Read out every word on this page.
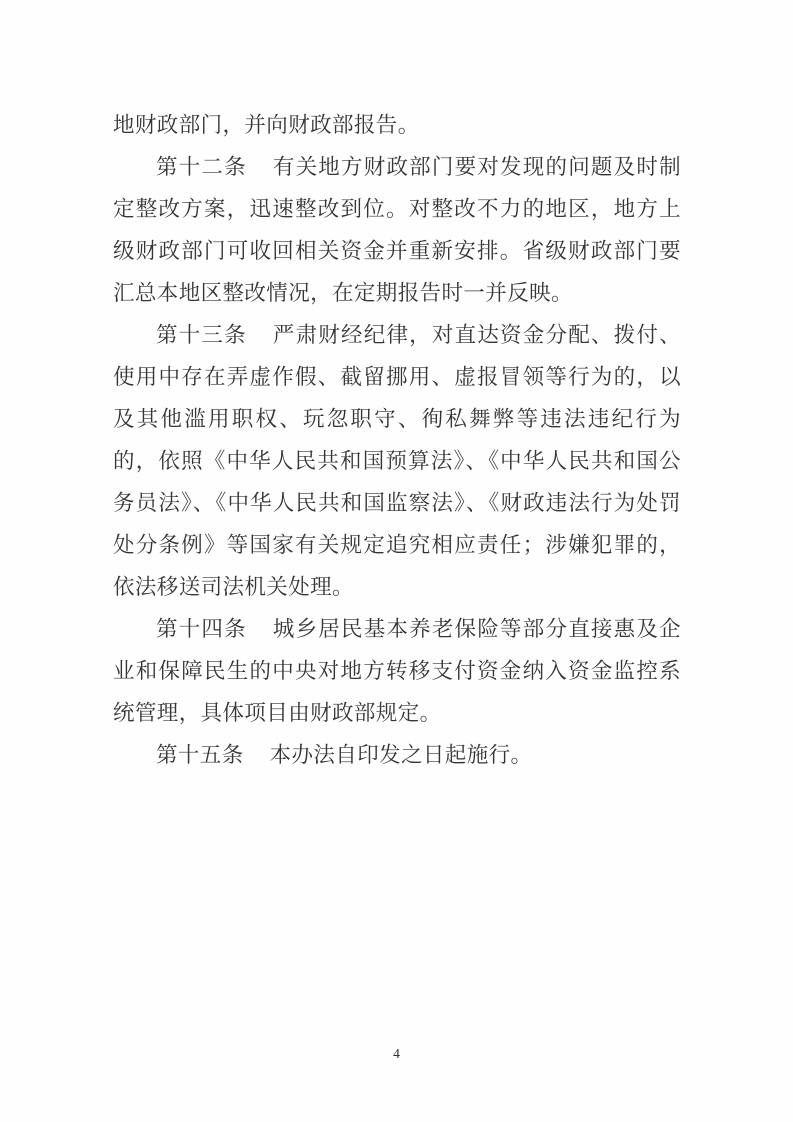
地财政部门，并向财政部报告。

第十二条 有关地方财政部门要对发现的问题及时制定整改方案，迅速整改到位。对整改不力的地区，地方上级财政部门可收回相关资金并重新安排。省级财政部门要汇总本地区整改情况，在定期报告时一并反映。

第十三条 严肃财经纪律，对直达资金分配、拨付、使用中存在弄虚作假、截留挪用、虚报冒领等行为的，以及其他滥用职权、玩忽职守、徇私舞弊等违法违纪行为的，依照《中华人民共和国预算法》、《中华人民共和国公务员法》、《中华人民共和国监察法》、《财政违法行为处罚处分条例》等国家有关规定追究相应责任；涉嫌犯罪的，依法移送司法机关处理。

第十四条 城乡居民基本养老保险等部分直接惠及企业和保障民生的中央对地方转移支付资金纳入资金监控系统管理，具体项目由财政部规定。

第十五条 本办法自印发之日起施行。

4
